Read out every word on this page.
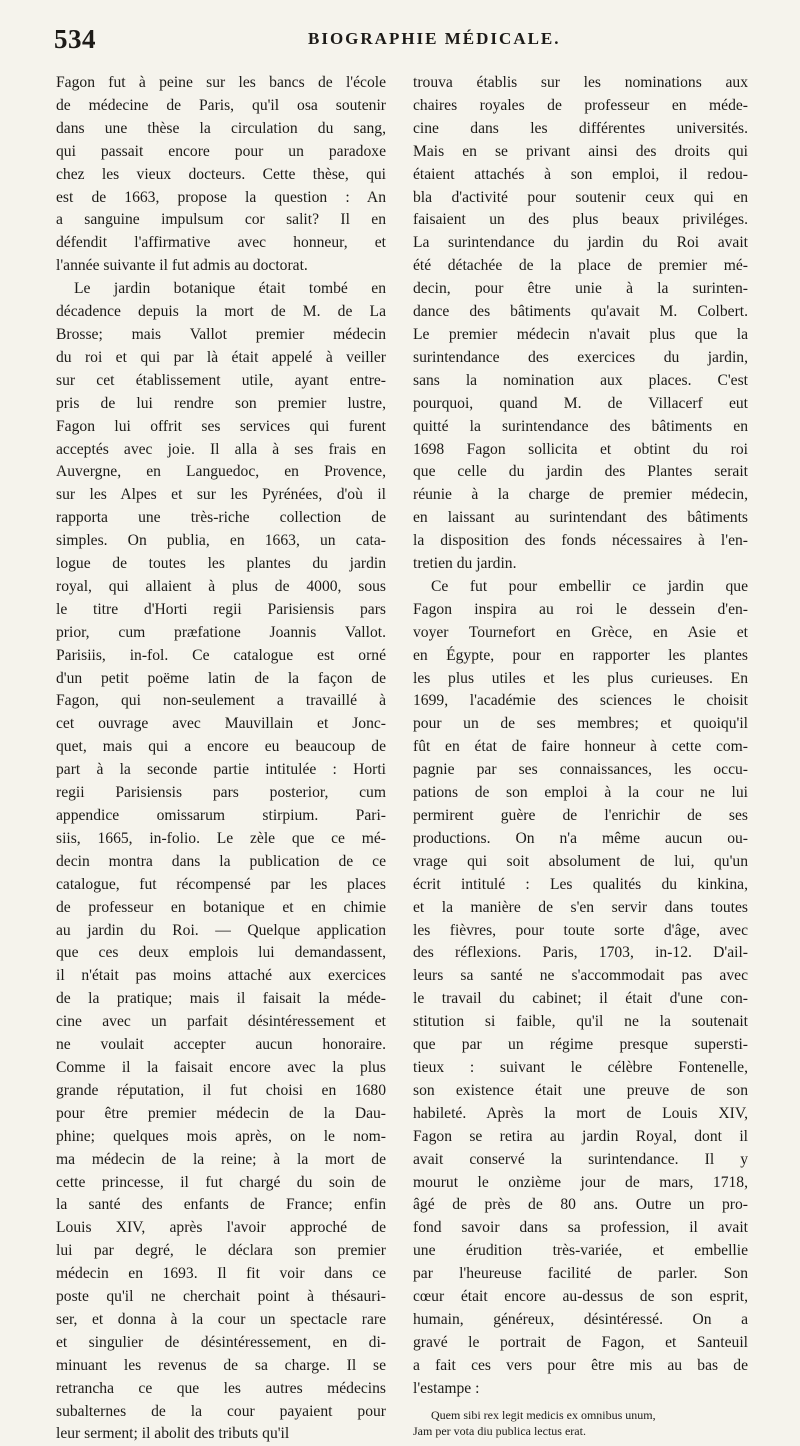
534	BIOGRAPHIE MÉDICALE.
Fagon fut à peine sur les bancs de l'école
de médecine de Paris, qu'il osa soutenir
dans une thèse la circulation du sang,
qui passait encore pour un paradoxe
chez les vieux docteurs. Cette thèse, qui
est de 1663, propose la question : An
a sanguine impulsum cor salit? Il en
défendit l'affirmative avec honneur, et
l'année suivante il fut admis au doctorat.
Le jardin botanique était tombé en
décadence depuis la mort de M. de La
Brosse; mais Vallot premier médecin
du roi et qui par là était appelé à veiller
sur cet établissement utile, ayant entre-
pris de lui rendre son premier lustre,
Fagon lui offrit ses services qui furent
acceptés avec joie. Il alla à ses frais en
Auvergne, en Languedoc, en Provence,
sur les Alpes et sur les Pyrénées, d'où il
rapporta une très-riche collection de
simples. On publia, en 1663, un cata-
logue de toutes les plantes du jardin
royal, qui allaient à plus de 4000, sous
le titre d'Horti regii Parisiensis pars
prior, cum præfatione Joannis Vallot.
Parisiis, in-fol. Ce catalogue est orné
d'un petit poëme latin de la façon de
Fagon, qui non-seulement a travaillé à
cet ouvrage avec Mauvillain et Jonc-
quet, mais qui a encore eu beaucoup de
part à la seconde partie intitulée : Horti
regii Parisiensis pars posterior, cum
appendice omissarum stirpium. Pari-
siis, 1665, in-folio. Le zèle que ce mé-
decin montra dans la publication de ce
catalogue, fut récompensé par les places
de professeur en botanique et en chimie
au jardin du Roi. — Quelque application
que ces deux emplois lui demandassent,
il n'était pas moins attaché aux exercices
de la pratique; mais il faisait la méde-
cine avec un parfait désintéressement et
ne voulait accepter aucun honoraire.
Comme il la faisait encore avec la plus
grande réputation, il fut choisi en 1680
pour être premier médecin de la Dau-
phine; quelques mois après, on le nom-
ma médecin de la reine; à la mort de
cette princesse, il fut chargé du soin de
la santé des enfants de France; enfin
Louis XIV, après l'avoir approché de
lui par degré, le déclara son premier
médecin en 1693. Il fit voir dans ce
poste qu'il ne cherchait point à thésauri-
ser, et donna à la cour un spectacle rare
et singulier de désintéressement, en di-
minuant les revenus de sa charge. Il se
retrancha ce que les autres médecins
subalternes de la cour payaient pour
leur serment; il abolit des tributs qu'il
trouva établis sur les nominations aux
chaires royales de professeur en méde-
cine dans les différentes universités.
Mais en se privant ainsi des droits qui
étaient attachés à son emploi, il redou-
bla d'activité pour soutenir ceux qui en
faisaient un des plus beaux priviléges.
La surintendance du jardin du Roi avait
été détachée de la place de premier mé-
decin, pour être unie à la surinten-
dance des bâtiments qu'avait M. Colbert.
Le premier médecin n'avait plus que la
surintendance des exercices du jardin,
sans la nomination aux places. C'est
pourquoi, quand M. de Villacerf eut
quitté la surintendance des bâtiments en
1698 Fagon sollicita et obtint du roi
que celle du jardin des Plantes serait
réunie à la charge de premier médecin,
en laissant au surintendant des bâtiments
la disposition des fonds nécessaires à l'en-
tretien du jardin.
Ce fut pour embellir ce jardin que
Fagon inspira au roi le dessein d'en-
voyer Tournefort en Grèce, en Asie et
en Égypte, pour en rapporter les plantes
les plus utiles et les plus curieuses. En
1699, l'académie des sciences le choisit
pour un de ses membres; et quoiqu'il
fût en état de faire honneur à cette com-
pagnie par ses connaissances, les occu-
pations de son emploi à la cour ne lui
permirent guère de l'enrichir de ses
productions. On n'a même aucun ou-
vrage qui soit absolument de lui, qu'un
écrit intitulé : Les qualités du kinkina,
et la manière de s'en servir dans toutes
les fièvres, pour toute sorte d'âge, avec
des réflexions. Paris, 1703, in-12. D'ail-
leurs sa santé ne s'accommodait pas avec
le travail du cabinet; il était d'une con-
stitution si faible, qu'il ne la soutenait
que par un régime presque supersti-
tieux : suivant le célèbre Fontenelle,
son existence était une preuve de son
habileté. Après la mort de Louis XIV,
Fagon se retira au jardin Royal, dont il
avait conservé la surintendance. Il y
mourut le onzième jour de mars, 1718,
âgé de près de 80 ans. Outre un pro-
fond savoir dans sa profession, il avait
une érudition très-variée, et embellie
par l'heureuse facilité de parler. Son
cœur était encore au-dessus de son esprit,
humain, généreux, désintéressé. On a
gravé le portrait de Fagon, et Santeuil
a fait ces vers pour être mis au bas de
l'estampe :
Quem sibi rex legit medicis ex omnibus unum,
Jam per vota diu publica lectus erat.
